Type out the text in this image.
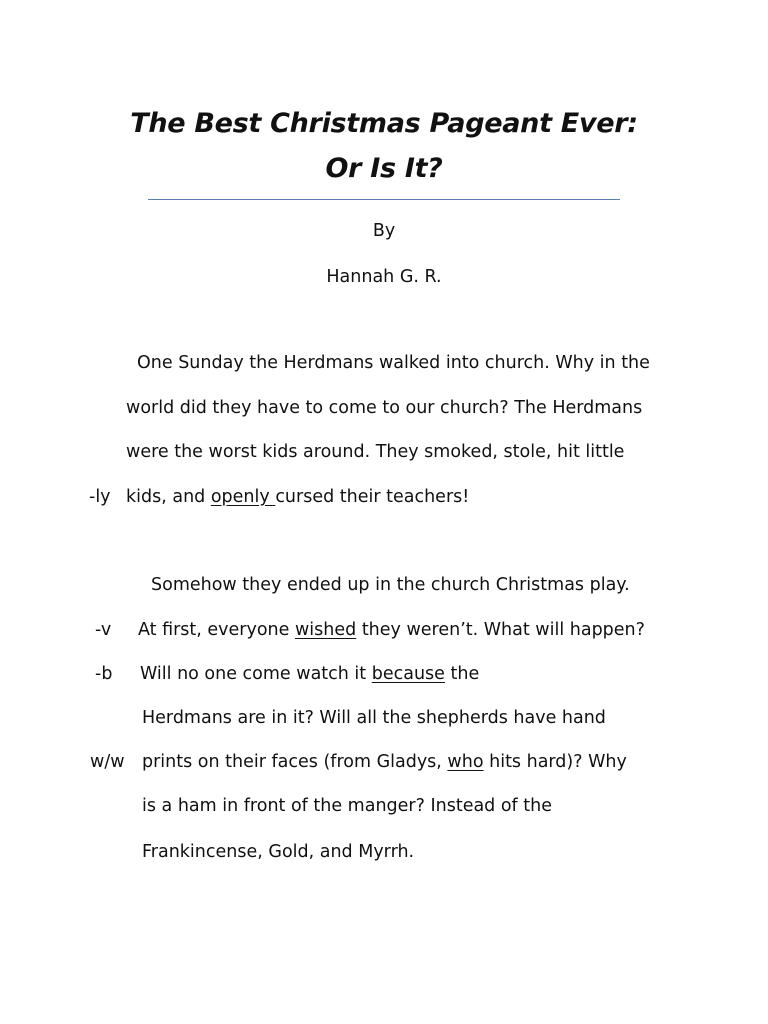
The Best Christmas Pageant Ever:
Or Is It?
By
Hannah G. R.
One Sunday the Herdmans walked into church. Why in the
world did they have to come to our church? The Herdmans
were the worst kids around. They smoked, stole, hit little
-ly kids, and openly cursed their teachers!
Somehow they ended up in the church Christmas play.
-v At first, everyone wished they weren’t. What will happen?
-b Will no one come watch it because the
Herdmans are in it? Will all the shepherds have hand
w/w prints on their faces (from Gladys, who hits hard)? Why
is a ham in front of the manger? Instead of the
Frankincense, Gold, and Myrrh.
